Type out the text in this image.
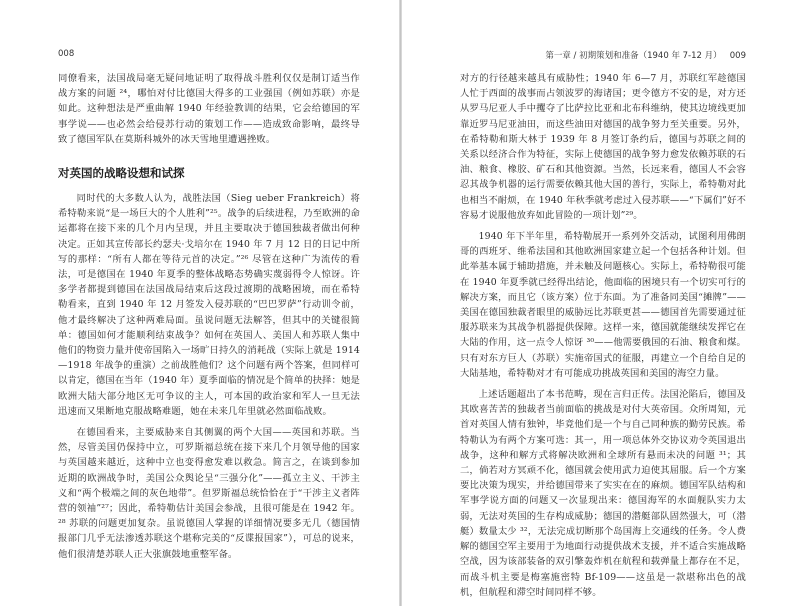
008

同僚看来，法国战局毫无疑问地证明了取得战斗胜利仅仅是制订适当作战方案的问题 ²⁴，哪怕对付比德国大得多的工业强国（例如苏联）亦是如此。这种想法是严重曲解 1940 年经验教训的结果，它会给德国的军事学说——也必然会给侵苏行动的策划工作——造成致命影响，最终导致了德国军队在莫斯科城外的冰天雪地里遭遇挫败。

对英国的战略设想和试探

同时代的大多数人认为，战胜法国（Sieg ueber Frankreich）将希特勒来说“是一场巨大的个人胜利”²⁵。战争的后续进程，乃至欧洲的命运都将在接下来的几个月内呈现，并且主要取决于德国独裁者做出何种决定。正如其宣传部长约瑟夫·戈培尔在 1940 年 7 月 12 日的日记中所写的那样：“所有人都在等待元首的决定。”²⁶ 尽管在这种广为流传的看法，可是德国在 1940 年夏季的整体战略态势确实蔑弱得令人惊讶。许多学者都提到德国在法国战局结束后这段过渡期的战略困境，而在希特勒看来，直到 1940 年 12 月签发入侵苏联的“巴巴罗萨”行动训令前，他才最终解决了这种两难局面。虽说问题无法解答，但其中的关键很简单：德国如何才能顺利结束战争？如何在英国人、美国人和苏联人集中他们的物资力量并使帝国陷入一场旷日持久的消耗战（实际上就是 1914—1918 年战争的重演）之前战胜他们？这个问题有两个答案，但同样可以肯定，德国在当年（1940 年）夏季面临的情况是个简单的抉择：她是欧洲大陆大部分地区无可争议的主人，可本国的政治家和军人一旦无法迅速而又果断地克服战略难题，她在未来几年里就必然面临战败。

在德国看来，主要威胁来自其侧翼的两个大国——英国和苏联。当然，尽管美国仍保持中立，可罗斯福总统在接下来几个月领导他的国家与英国越来越近，这种中立也变得愈发难以救急。简言之，在谈到参加近期的欧洲战争时，美国公众舆论呈“三强分化”——孤立主义、干涉主义和“两个极端之间的灰色地带”。但罗斯福总统恰恰在于“干涉主义者阵营的领袖”²⁷；因此，希特勒估计美国会参战，且很可能是在 1942 年。²⁸ 苏联的问题更加复杂。虽说德国人掌握的详细情况要多无几（德国情报部门几乎无法渗透苏联这个堪称完美的“反谍报国家”），可总的说来，他们很清楚苏联人正大张旗鼓地重整军备。

第一章 / 初期策划和准备（1940 年 7-12 月） 009

对方的行径越来越具有威胁性；1940 年 6—7 月，苏联红军趁德国人忙于西面的战事而占领波罗的海诸国；更令德方不安的是，对方还从罗马尼亚人手中攫夺了比萨拉比亚和北布科维纳，使其边境线更加靠近罗马尼亚油田，而这些油田对德国的战争努力至关重要。另外，在希特勒和斯大林于 1939 年 8 月签订条约后，德国与苏联之间的关系以经济合作为特征，实际上使德国的战争努力愈发依赖苏联的石油、粮食、橡胶、矿石和其他资源。当然，长远来看，德国人不会容忍其战争机器的运行需要依赖其他大国的善行，实际上，希特勒对此也相当不耐烦，在 1940 年秋季就考虑过入侵苏联——“下属们”好不容易才说服他放弃如此冒险的一项计划”²⁹。

1940 年下半年里，希特勒展开一系列外交活动，试图利用佛朗哥的西班牙、维希法国和其他欧洲国家建立起一个包括各种计划。但此举基本属于辅助措施，并未触及问题核心。实际上，希特勒很可能在 1940 年夏季就已经得出结论，他面临的困境只有一个切实可行的解决方案，而且它（该方案）位于东面。为了准备同美国“摊牌”——美国在德国独裁者眼里的威胁远比苏联更甚——德国首先需要通过征服苏联来为其战争机器提供保障。这样一来，德国就能继续发挥它在大陆的作用，这一点令人惊讶 ³⁰——他需要俄国的石油、粮食和煤。只有对东方巨人（苏联）实施帝国式的征服，再建立一个自给自足的大陆基地，希特勒对才有可能成功挑战英国和美国的海空力量。

上述话题超出了本书范畴，现在言归正传。法国沦陷后，德国及其欧喜苦苦的独裁者当前面临的挑战是对付大英帝国。众所周知，元首对英国人情有独钟，毕竟他们是一个与自己同种族的勤劳民族。希特勒认为有两个方案可选：其一，用一项总体外交协议劝令英国退出战争，这种和解方式将解决欧洲和全球所有悬而未决的问题 ³¹；其二，倘若对方冥顽不化，德国就会使用武力迫使其屈服。后一个方案要比决策为现实，并给德国带来了实实在在的麻烦。德国军队结构和军事学说方面的问题又一次显现出来：德国海军的水面舰队实力太弱，无法对英国的生存构成威胁；德国的潜艇部队固然强大，可（潜艇）数量太少 ³²，无法完成切断那个岛国海上交通线的任务。令人费解的德国空军主要用于为地面行动提供战术支援，并不适合实施战略空战，因为该部装备的双引擎轰炸机在航程和载弹量上都存在不足，而战斗机主要是梅塞施密特 Bf-109——这虽是一款堪称出色的战机，但航程和滞空时间同样不够。
